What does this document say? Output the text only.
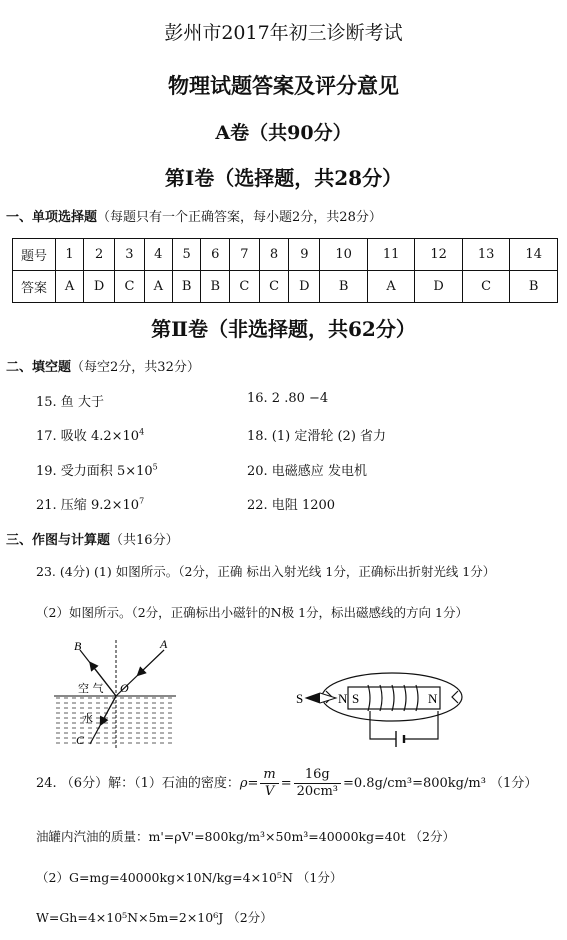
彭州市2017年初三诊断考试
物理试题答案及评分意见
A卷（共90分）
第I卷（选择题，共28分）
一、单项选择题（每题只有一个正确答案，每小题2分，共28分）
题号	1	2	3	4	5	6	7	8	9	10	11	12	13	14
答案	A	D	C	A	B	B	C	C	D	B	A	D	C	B
第Ⅱ卷（非选择题，共62分）
二、填空题（每空2分，共32分）
15. 鱼 大于	16. 2 .80 −4
17. 吸收 $4.2\times 10^4$	18. (1) 定滑轮 (2) 省力
19. 受力面积 $5\times 10^5$	20. 电磁感应 发电机
21. 压缩 $9.2\times 10^7$	22. 电阻 1200
三、作图与计算题（共16分）
23. (4分) (1) 如图所示。（2分，正确 标出入射光线 1分，正确标出折射光线 1分）
（2）如图所示。（2分，正确标出小磁针的N极 1分，标出磁感线的方向 1分）
B	A
空 气 O
水
C
S	N
S	N
24. （6分）解：（1）石油的密度：$\rho= \frac{m}{V} = \frac{16g}{\text{20cm³}} =0.8g/cm^3=800kg/m^3$ （1分）
油罐内汽油的质量：m'=ρV'=800kg/m³×50m³=40000kg=40t （2分）
（2）G=mg=40000kg×10N/kg=4×10⁵N （1分）
W=Gh=4×10⁵N×5m=2×10⁶J （2分）
